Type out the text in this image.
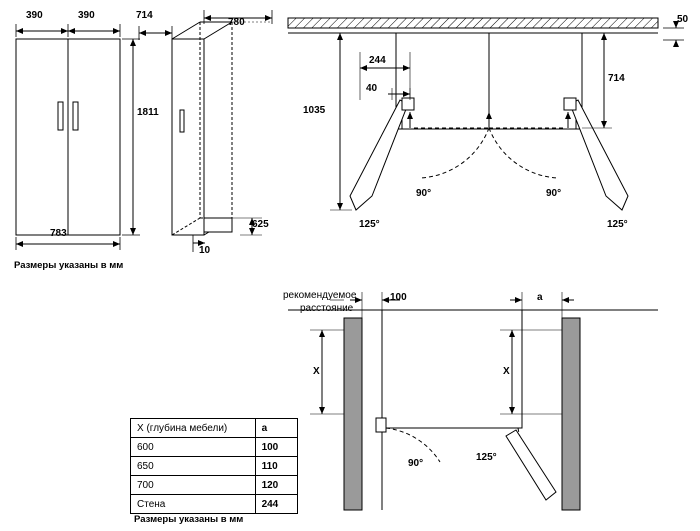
390	390
783
1811
714
780
625
10
Размеры указаны в мм
50
244
40
1035
714
90°	90°
125°	125°
рекомендуемое
расстояние
100	a
X	X
90°
125°
X (глубина мебели)	a
600	100
650	110
700	120
Стена	244
Размеры указаны в мм
